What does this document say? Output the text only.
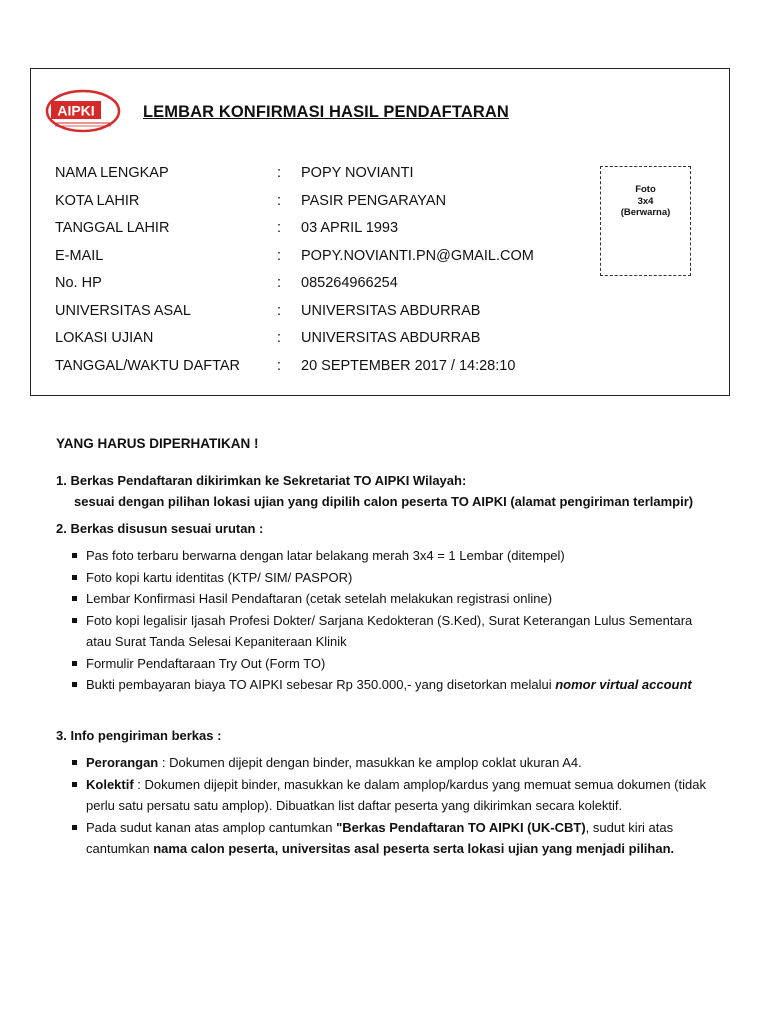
AIPKI	LEMBAR KONFIRMASI HASIL PENDAFTARAN
NAMA LENGKAP	: POPY NOVIANTI
KOTA LAHIR	: PASIR PENGARAYAN
TANGGAL LAHIR	: 03 APRIL 1993
E-MAIL	: POPY.NOVIANTI.PN@GMAIL.COM
No. HP	: 085264966254
UNIVERSITAS ASAL	: UNIVERSITAS ABDURRAB
LOKASI UJIAN	: UNIVERSITAS ABDURRAB
TANGGAL/WAKTU DAFTAR	: 20 SEPTEMBER 2017 / 14:28:10
Foto
3x4
(Berwarna)
YANG HARUS DIPERHATIKAN !
1. Berkas Pendaftaran dikirimkan ke Sekretariat TO AIPKI Wilayah:
sesuai dengan pilihan lokasi ujian yang dipilih calon peserta TO AIPKI (alamat pengiriman terlampir)
2. Berkas disusun sesuai urutan :
Pas foto terbaru berwarna dengan latar belakang merah 3x4 = 1 Lembar (ditempel)
Foto kopi kartu identitas (KTP/ SIM/ PASPOR)
Lembar Konfirmasi Hasil Pendaftaran (cetak setelah melakukan registrasi online)
Foto kopi legalisir Ijasah Profesi Dokter/ Sarjana Kedokteran (S.Ked), Surat Keterangan Lulus Sementara atau Surat Tanda Selesai Kepaniteraan Klinik
Formulir Pendaftaraan Try Out (Form TO)
Bukti pembayaran biaya TO AIPKI sebesar Rp 350.000,- yang disetorkan melalui nomor virtual account
3. Info pengiriman berkas :
Perorangan : Dokumen dijepit dengan binder, masukkan ke amplop coklat ukuran A4.
Kolektif : Dokumen dijepit binder, masukkan ke dalam amplop/kardus yang memuat semua dokumen (tidak perlu satu persatu satu amplop). Dibuatkan list daftar peserta yang dikirimkan secara kolektif.
Pada sudut kanan atas amplop cantumkan "Berkas Pendaftaran TO AIPKI (UK-CBT), sudut kiri atas cantumkan nama calon peserta, universitas asal peserta serta lokasi ujian yang menjadi pilihan.
